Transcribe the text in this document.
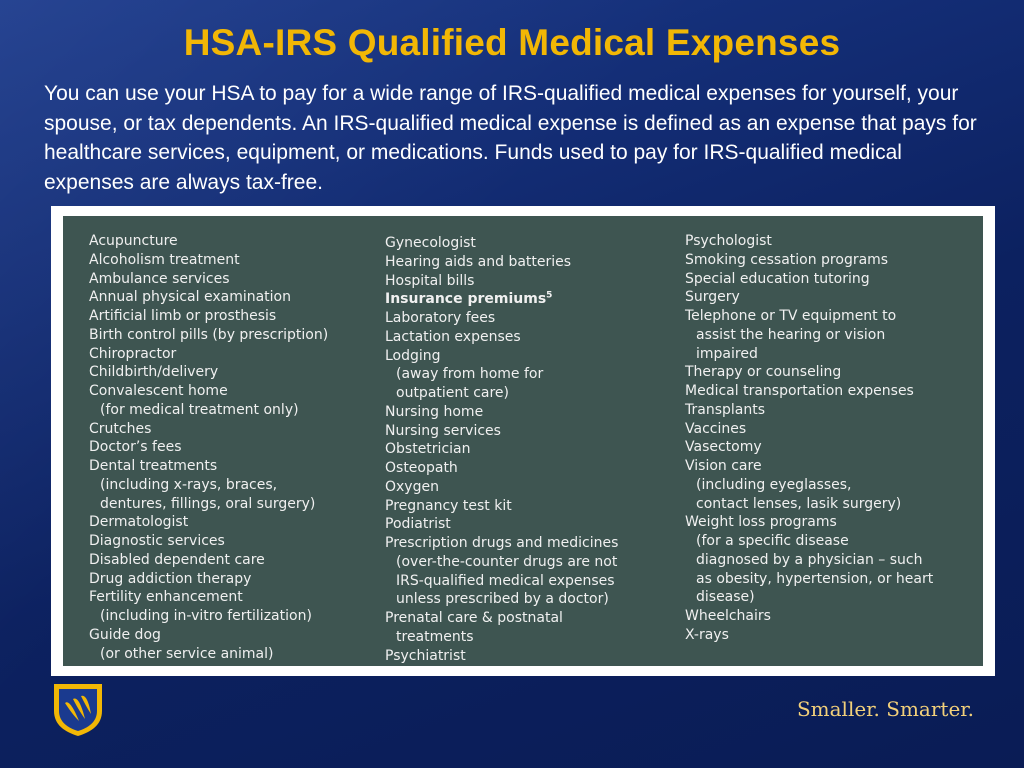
HSA-IRS Qualified Medical Expenses
You can use your HSA to pay for a wide range of IRS-qualified medical expenses for yourself, your spouse, or tax dependents. An IRS-qualified medical expense is defined as an expense that pays for healthcare services, equipment, or medications. Funds used to pay for IRS-qualified medical expenses are always tax-free.
Acupuncture
Alcoholism treatment
Ambulance services
Annual physical examination
Artificial limb or prosthesis
Birth control pills (by prescription)
Chiropractor
Childbirth/delivery
Convalescent home
(for medical treatment only)
Crutches
Doctor’s fees
Dental treatments
(including x-rays, braces,
dentures, fillings, oral surgery)
Dermatologist
Diagnostic services
Disabled dependent care
Drug addiction therapy
Fertility enhancement
(including in-vitro fertilization)
Guide dog
(or other service animal)
Gynecologist
Hearing aids and batteries
Hospital bills
Insurance premiums$^5$
Laboratory fees
Lactation expenses
Lodging
(away from home for
outpatient care)
Nursing home
Nursing services
Obstetrician
Osteopath
Oxygen
Pregnancy test kit
Podiatrist
Prescription drugs and medicines
(over-the-counter drugs are not
IRS-qualified medical expenses
unless prescribed by a doctor)
Prenatal care & postnatal
treatments
Psychiatrist
Psychologist
Smoking cessation programs
Special education tutoring
Surgery
Telephone or TV equipment to
assist the hearing or vision
impaired
Therapy or counseling
Medical transportation expenses
Transplants
Vaccines
Vasectomy
Vision care
(including eyeglasses,
contact lenses, lasik surgery)
Weight loss programs
(for a specific disease
diagnosed by a physician – such
as obesity, hypertension, or heart
disease)
Wheelchairs
X-rays
Smaller. Smarter.
